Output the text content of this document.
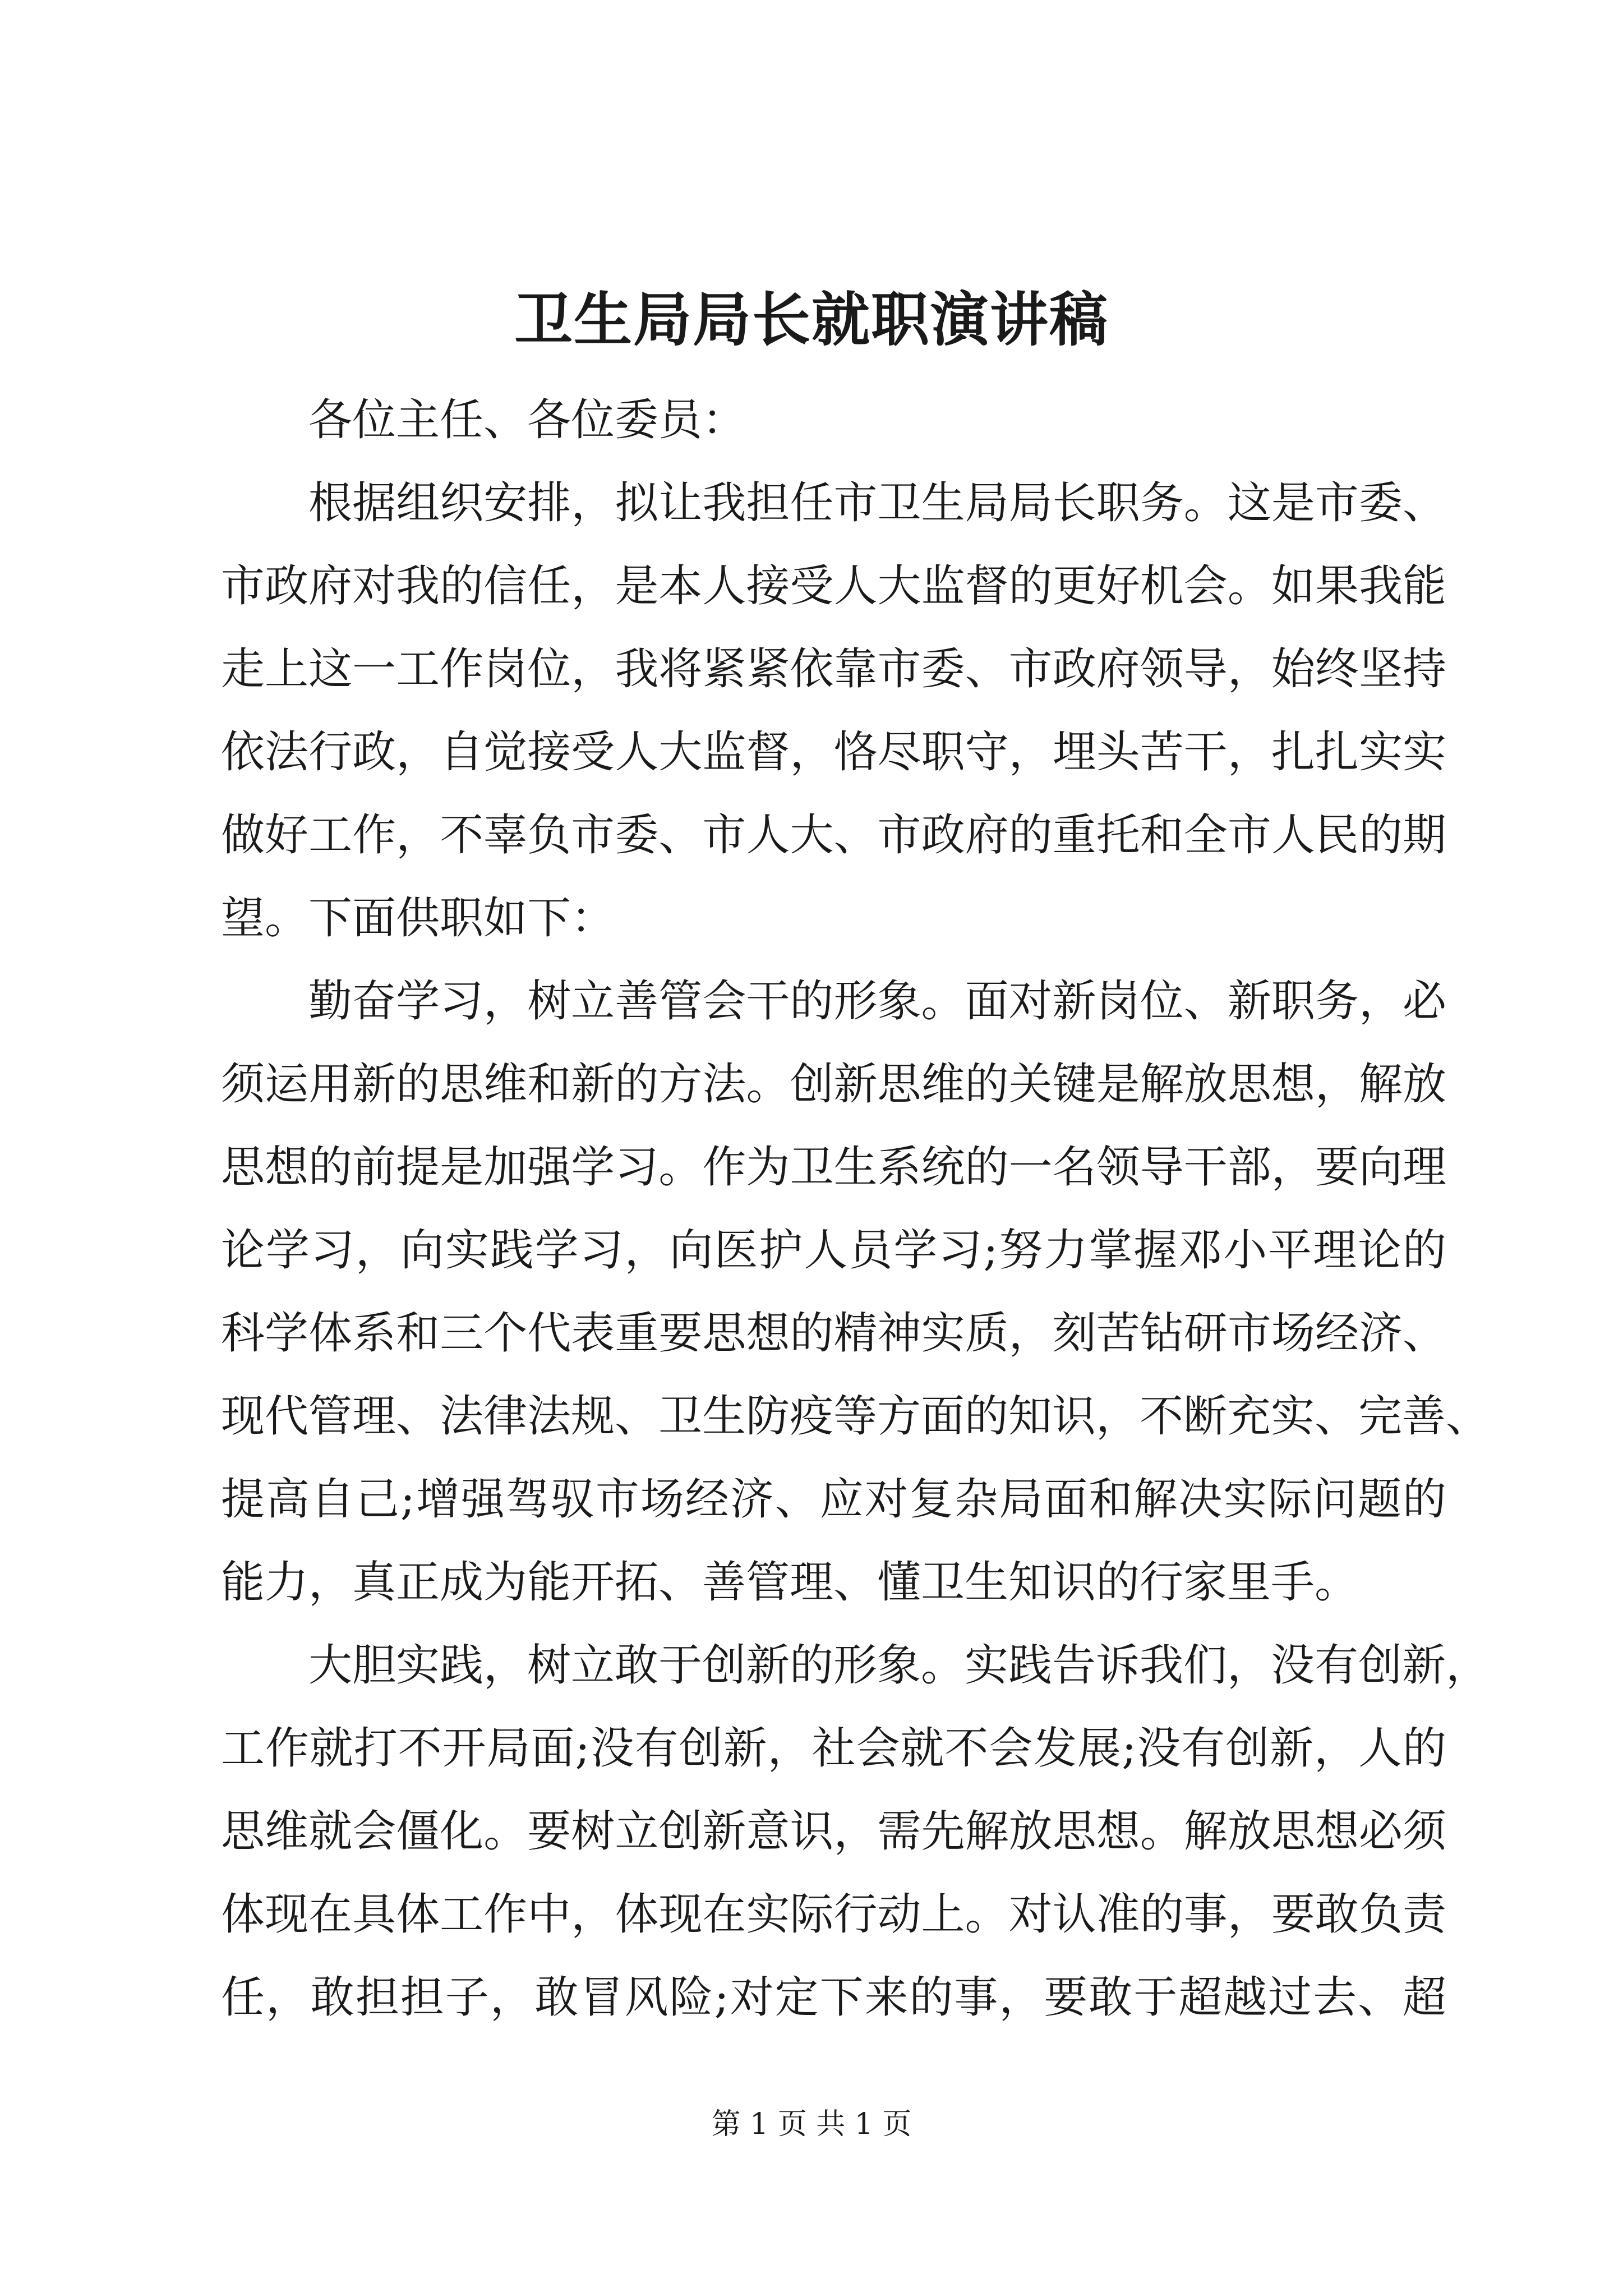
卫生局局长就职演讲稿
各位主任、各位委员：
根据组织安排，拟让我担任市卫生局局长职务。这是市委、
市政府对我的信任，是本人接受人大监督的更好机会。如果我能
走上这一工作岗位，我将紧紧依靠市委、市政府领导，始终坚持
依法行政，自觉接受人大监督，恪尽职守，埋头苦干，扎扎实实
做好工作，不辜负市委、市人大、市政府的重托和全市人民的期
望。下面供职如下：
勤奋学习，树立善管会干的形象。面对新岗位、新职务，必
须运用新的思维和新的方法。创新思维的关键是解放思想，解放
思想的前提是加强学习。作为卫生系统的一名领导干部，要向理
论学习，向实践学习，向医护人员学习;努力掌握邓小平理论的
科学体系和三个代表重要思想的精神实质，刻苦钻研市场经济、
现代管理、法律法规、卫生防疫等方面的知识，不断充实、完善、
提高自己;增强驾驭市场经济、应对复杂局面和解决实际问题的
能力，真正成为能开拓、善管理、懂卫生知识的行家里手。
大胆实践，树立敢于创新的形象。实践告诉我们，没有创新，
工作就打不开局面;没有创新，社会就不会发展;没有创新，人的
思维就会僵化。要树立创新意识，需先解放思想。解放思想必须
体现在具体工作中，体现在实际行动上。对认准的事，要敢负责
任，敢担担子，敢冒风险;对定下来的事，要敢于超越过去、超
第 1 页 共 1 页
